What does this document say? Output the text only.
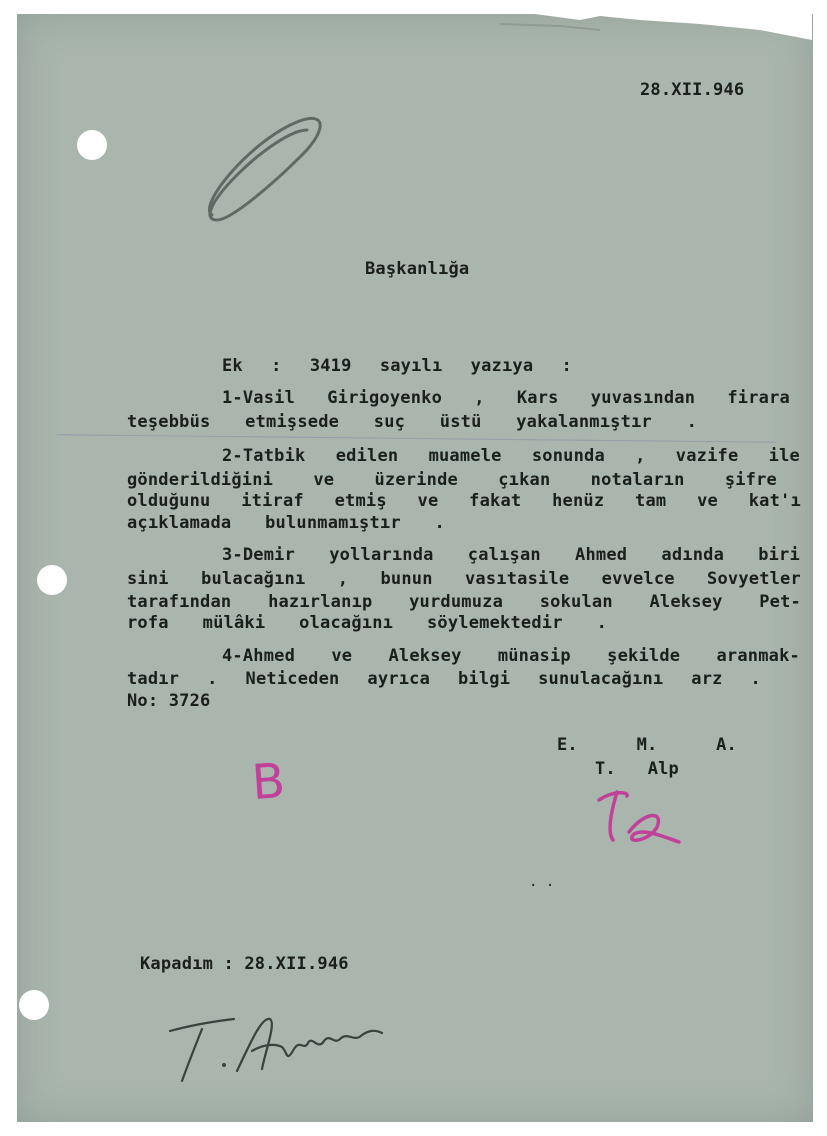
28.XII.946
Başkanlığa
Ek : 3419 sayılı yazıya :
1-Vasil Girigoyenko , Kars yuvasından firara
teşebbüs etmişsede suç üstü yakalanmıştır .
2-Tatbik edilen muamele sonunda , vazife ile
gönderildiğini ve üzerinde çıkan notaların şifre
olduğunu itiraf etmiş ve fakat henüz tam ve kat'ı
açıklamada bulunmamıştır .
3-Demir yollarında çalışan Ahmed adında biri
sini bulacağını , bunun vasıtasile evvelce Sovyetler
tarafından hazırlanıp yurdumuza sokulan Aleksey Pet-
rofa mülâki olacağını söylemektedir .
4-Ahmed ve Aleksey münasip şekilde aranmak-
tadır . Neticeden ayrıca bilgi sunulacağını arz .
No: 3726
E.	M.	A.
T. Alp
B
Kapadım : 28.XII.946
. .
